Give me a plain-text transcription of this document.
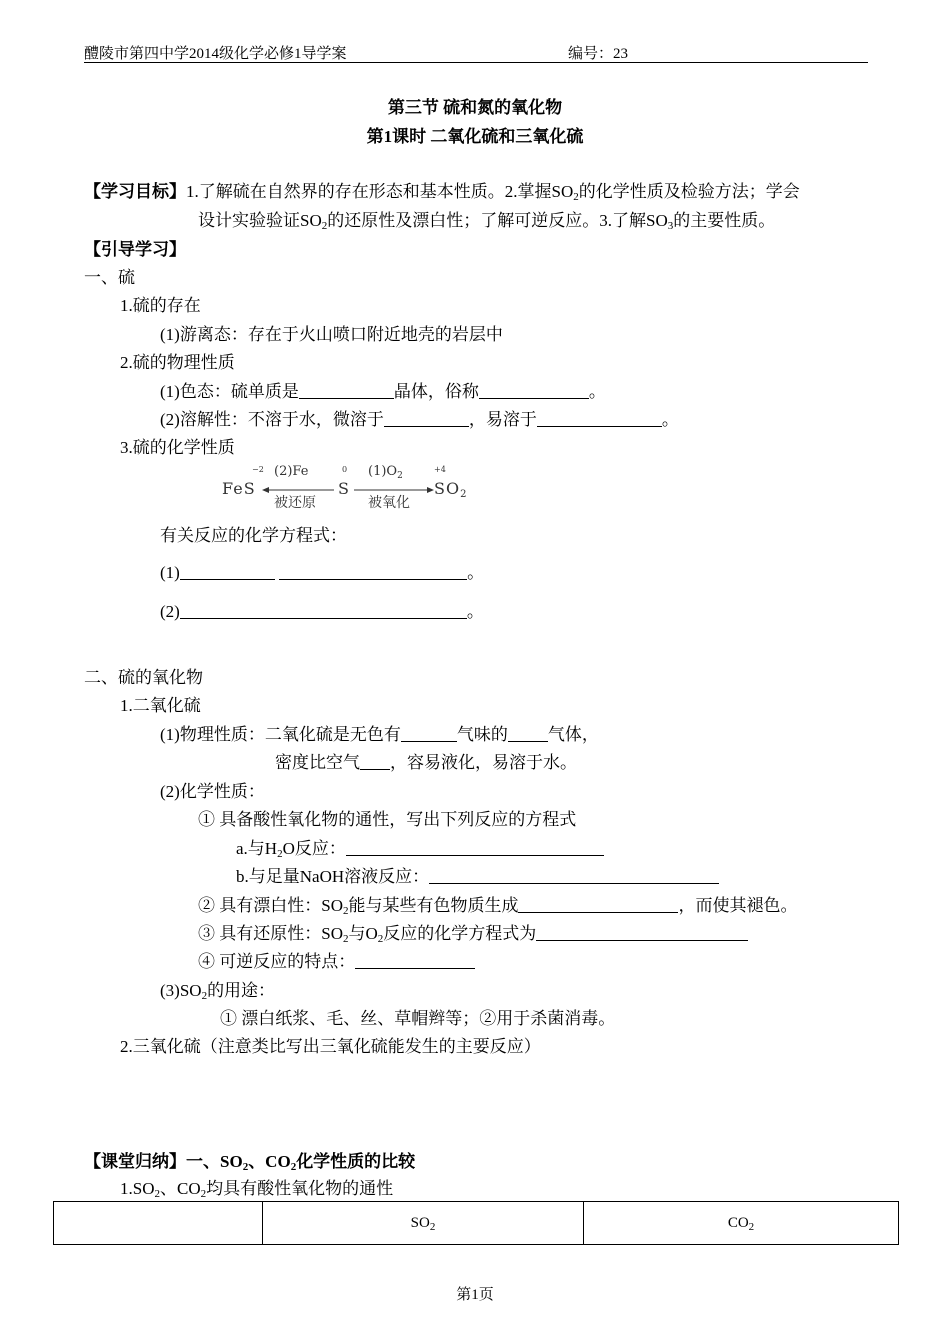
醴陵市第四中学2014级化学必修1导学案	编号：23
第三节 硫和氮的氧化物
第1课时 二氧化硫和三氧化硫
【学习目标】1.了解硫在自然界的存在形态和基本性质。2.掌握$SO_2$的化学性质及检验方法；学会
设计实验验证$SO_2$的还原性及漂白性；了解可逆反应。3.了解$SO_3$的主要性质。
【引导学习】
一、硫
1.硫的存在
(1)游离态：存在于火山喷口附近地壳的岩层中
2.硫的物理性质
(1)色态：硫单质是	晶体，俗称	。
(2)溶解性：不溶于水，微溶于	，易溶于	。
3.硫的化学性质
FeS
−2 (2)Fe
被还原
S
0 $(1)O_2$
被氧化
$SO_2$
+4
有关反应的化学方程式：
(1)	。
(2)	。
二、硫的氧化物
1.二氧化硫
(1)物理性质：二氧化硫是无色有	气味的 气体，
密度比空气 ，容易液化，易溶于水。
(2)化学性质：
① 具备酸性氧化物的通性，写出下列反应的方程式
a.与$H_2O$反应：
b.与足量NaOH溶液反应：
② 具有漂白性：$SO_2$能与某些有色物质生成	，而使其褪色。
③ 具有还原性：$SO_2$与$O_2$反应的化学方程式为
④ 可逆反应的特点：
$(3)SO_2$的用途：
① 漂白纸浆、毛、丝、草帽辫等；②用于杀菌消毒。
2.三氧化硫（注意类比写出三氧化硫能发生的主要反应）
【课堂归纳】一、$SO_2$、$CO_2$化学性质的比较
$1.SO_2$、$CO_2$均具有酸性氧化物的通性
	$SO_2$	$CO_2$
第1页
